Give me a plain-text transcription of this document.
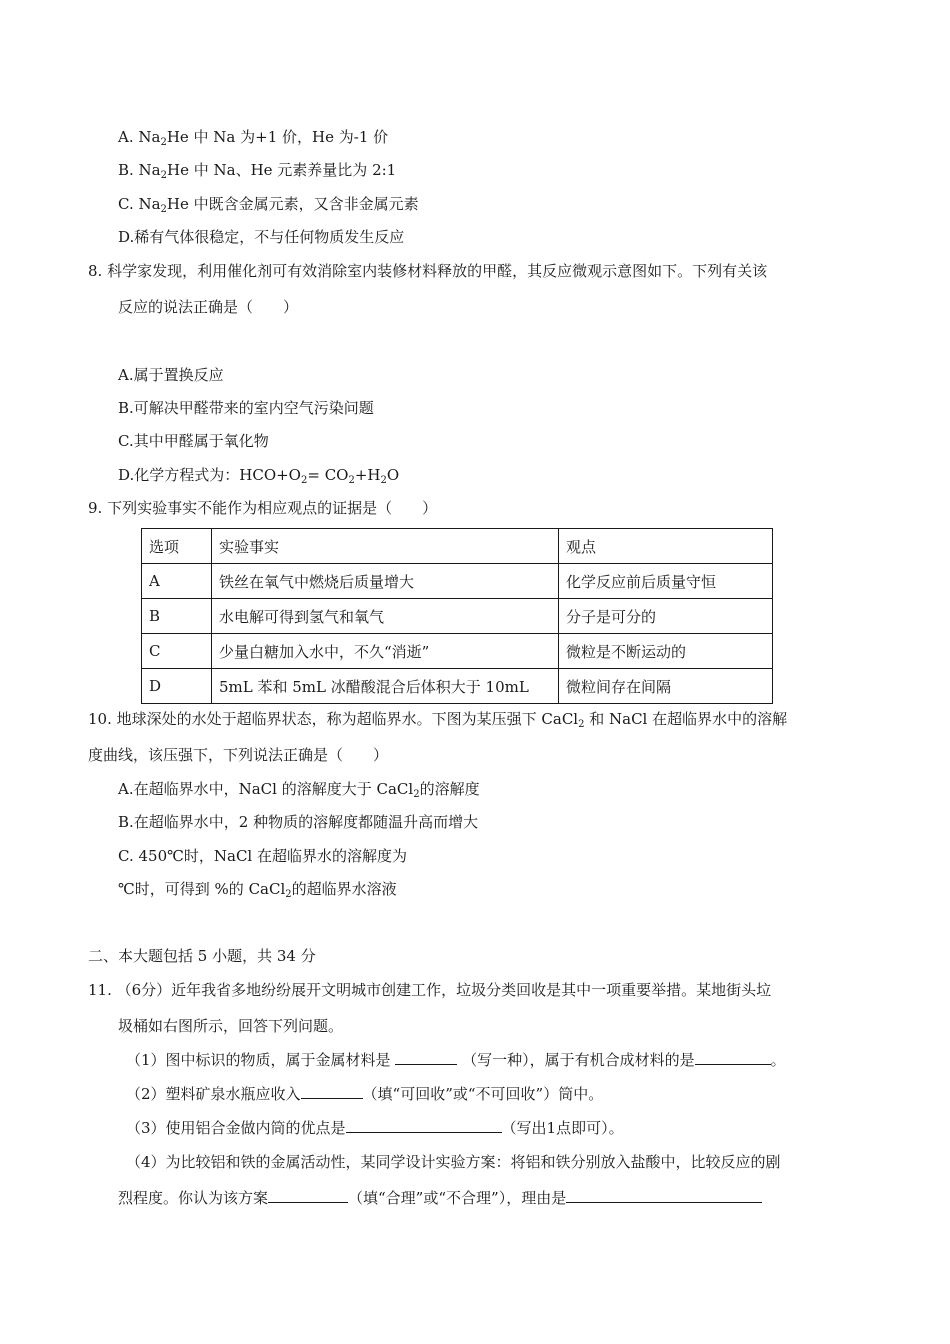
A. $Na_2He$ 中 Na 为+1 价，He 为-1 价
B. $Na_2He$ 中 Na、He 元素养量比为 2:1
C. $Na_2He$ 中既含金属元素，又含非金属元素
D.稀有气体很稳定，不与任何物质发生反应
8. 科学家发现，利用催化剂可有效消除室内装修材料释放的甲醛，其反应微观示意图如下。下列有关该
反应的说法正确是（　　）
A.属于置换反应
B.可解决甲醛带来的室内空气污染问题
C.其中甲醛属于氧化物
D.化学方程式为：$HCO+O_2= CO_2+H_2O$
9. 下列实验事实不能作为相应观点的证据是（　　）
选项	实验事实	观点
A	铁丝在氧气中燃烧后质量增大	化学反应前后质量守恒
B	水电解可得到氢气和氧气	分子是可分的
C	少量白糖加入水中，不久“消逝”	微粒是不断运动的
D	5mL 苯和 5mL 冰醋酸混合后体积大于 10mL	微粒间存在间隔
10. 地球深处的水处于超临界状态，称为超临界水。下图为某压强下 CaCl$_2$ 和 NaCl 在超临界水中的溶解
度曲线，该压强下，下列说法正确是（　　）
A.在超临界水中，NaCl 的溶解度大于 CaCl$_2$的溶解度
B.在超临界水中，2 种物质的溶解度都随温升高而增大
C. 450℃时，NaCl 在超临界水的溶解度为
℃时，可得到 %的 CaCl$_2$的超临界水溶液
二、本大题包括 5 小题，共 34 分
11. （6分）近年我省多地纷纷展开文明城市创建工作，垃圾分类回收是其中一项重要举措。某地街头垃
圾桶如右图所示，回答下列问题。
（1）图中标识的物质，属于金属材料是	（写一种），属于有机合成材料的是	。
（2）塑料矿泉水瓶应收入	（填“可回收”或“不可回收”）筒中。
（3）使用铝合金做内筒的优点是	（写出1点即可）。
（4）为比较铝和铁的金属活动性，某同学设计实验方案：将铝和铁分别放入盐酸中，比较反应的剧
烈程度。你认为该方案	（填“合理”或“不合理”），理由是
